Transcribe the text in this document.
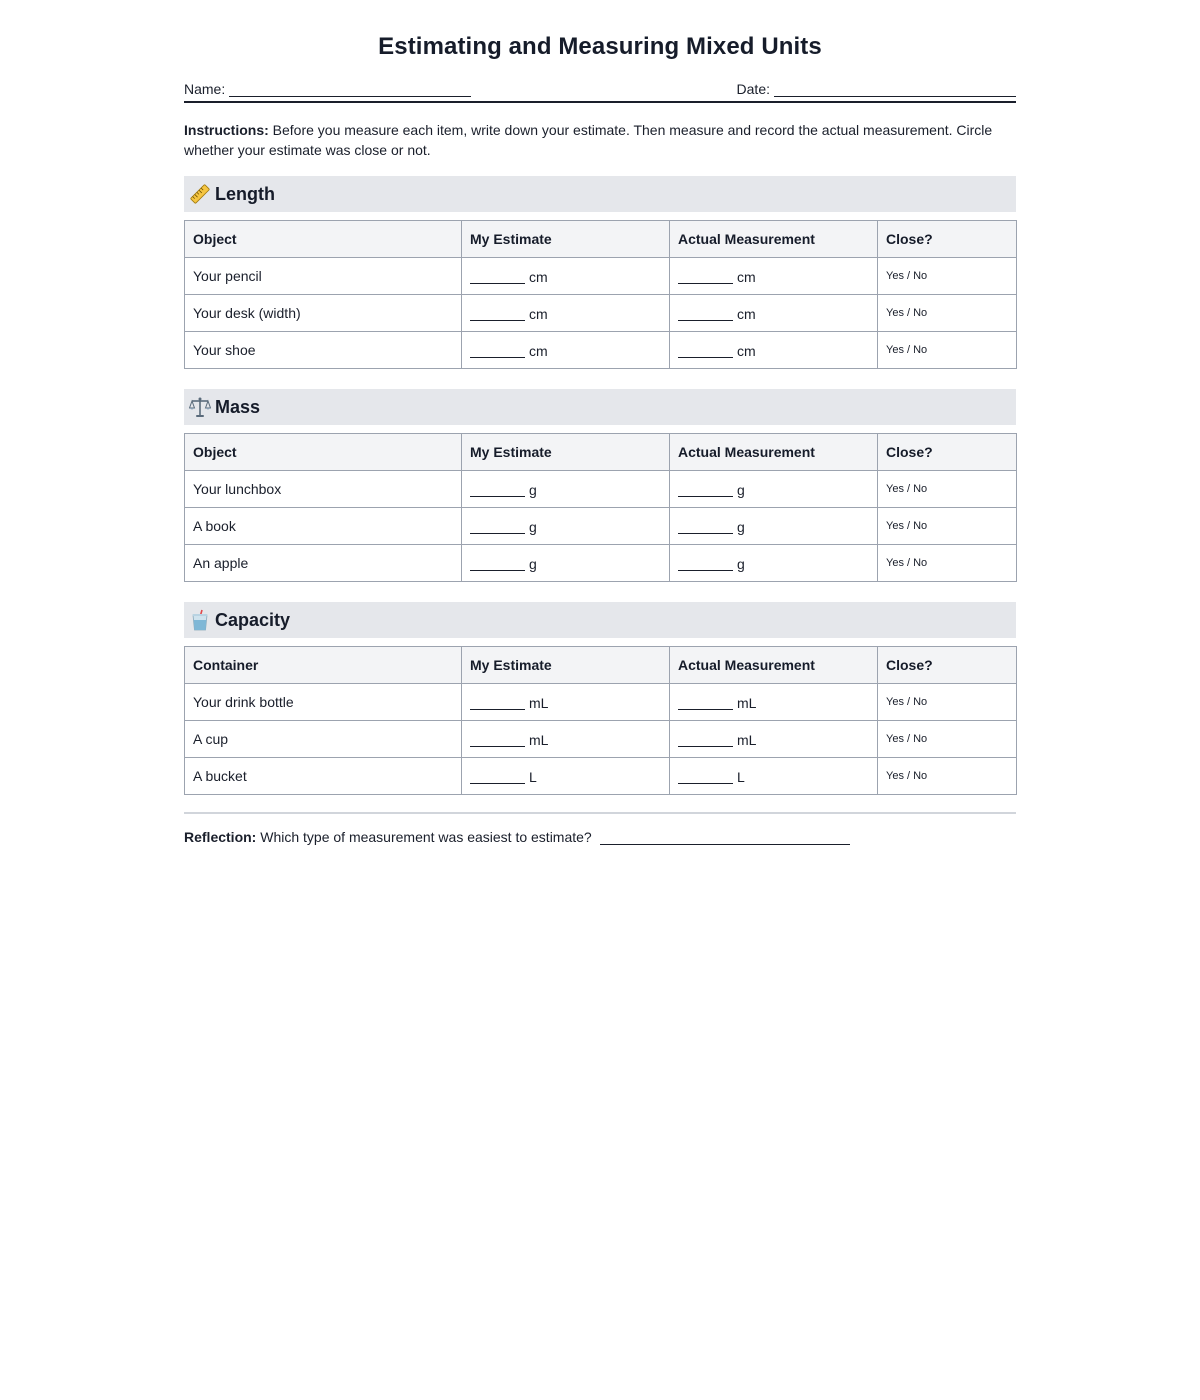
Estimating and Measuring Mixed Units
Name:	Date:

Instructions: Before you measure each item, write down your estimate. Then measure and record the actual measurement. Circle whether your estimate was close or not.

Length
Object	My Estimate	Actual Measurement	Close?
Your pencil	cm	cm	Yes / No
Your desk (width)	cm	cm	Yes / No
Your shoe	cm	cm	Yes / No
Mass
Object	My Estimate	Actual Measurement	Close?
Your lunchbox	g	g	Yes / No
A book	g	g	Yes / No
An apple	g	g	Yes / No
Capacity
Container	My Estimate	Actual Measurement	Close?
Your drink bottle	mL	mL	Yes / No
A cup	mL	mL	Yes / No
A bucket	L	L	Yes / No

Reflection: Which type of measurement was easiest to estimate?
